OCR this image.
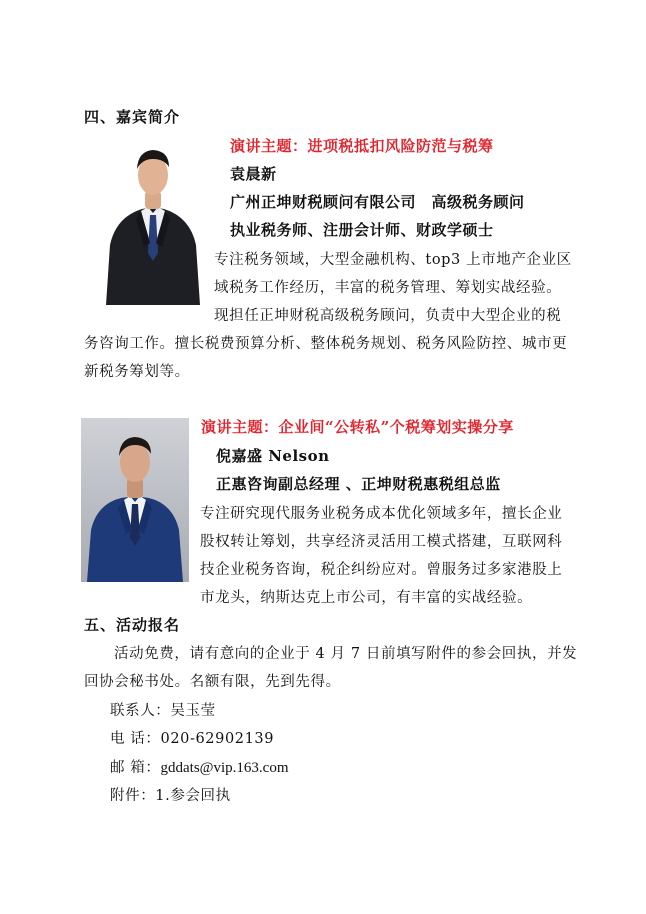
四、嘉宾简介
演讲主题：进项税抵扣风险防范与税筹
袁晨新
广州正坤财税顾问有限公司　高级税务顾问
执业税务师、注册会计师、财政学硕士
专注税务领域，大型金融机构、top3 上市地产企业区
域税务工作经历，丰富的税务管理、筹划实战经验。
现担任正坤财税高级税务顾问，负责中大型企业的税
务咨询工作。擅长税费预算分析、整体税务规划、税务风险防控、城市更
新税务筹划等。
演讲主题：企业间“公转私”个税筹划实操分享
倪嘉盛 Nelson
正惠咨询副总经理 、正坤财税惠税组总监
专注研究现代服务业税务成本优化领域多年，擅长企业
股权转让筹划，共享经济灵活用工模式搭建，互联网科
技企业税务咨询，税企纠纷应对。曾服务过多家港股上
市龙头，纳斯达克上市公司，有丰富的实战经验。
五、活动报名
活动免费，请有意向的企业于 4 月 7 日前填写附件的参会回执，并发
回协会秘书处。名额有限，先到先得。
联系人：吴玉莹
电 话：020-62902139
邮 箱：gddats@vip.163.com
附件：1.参会回执
